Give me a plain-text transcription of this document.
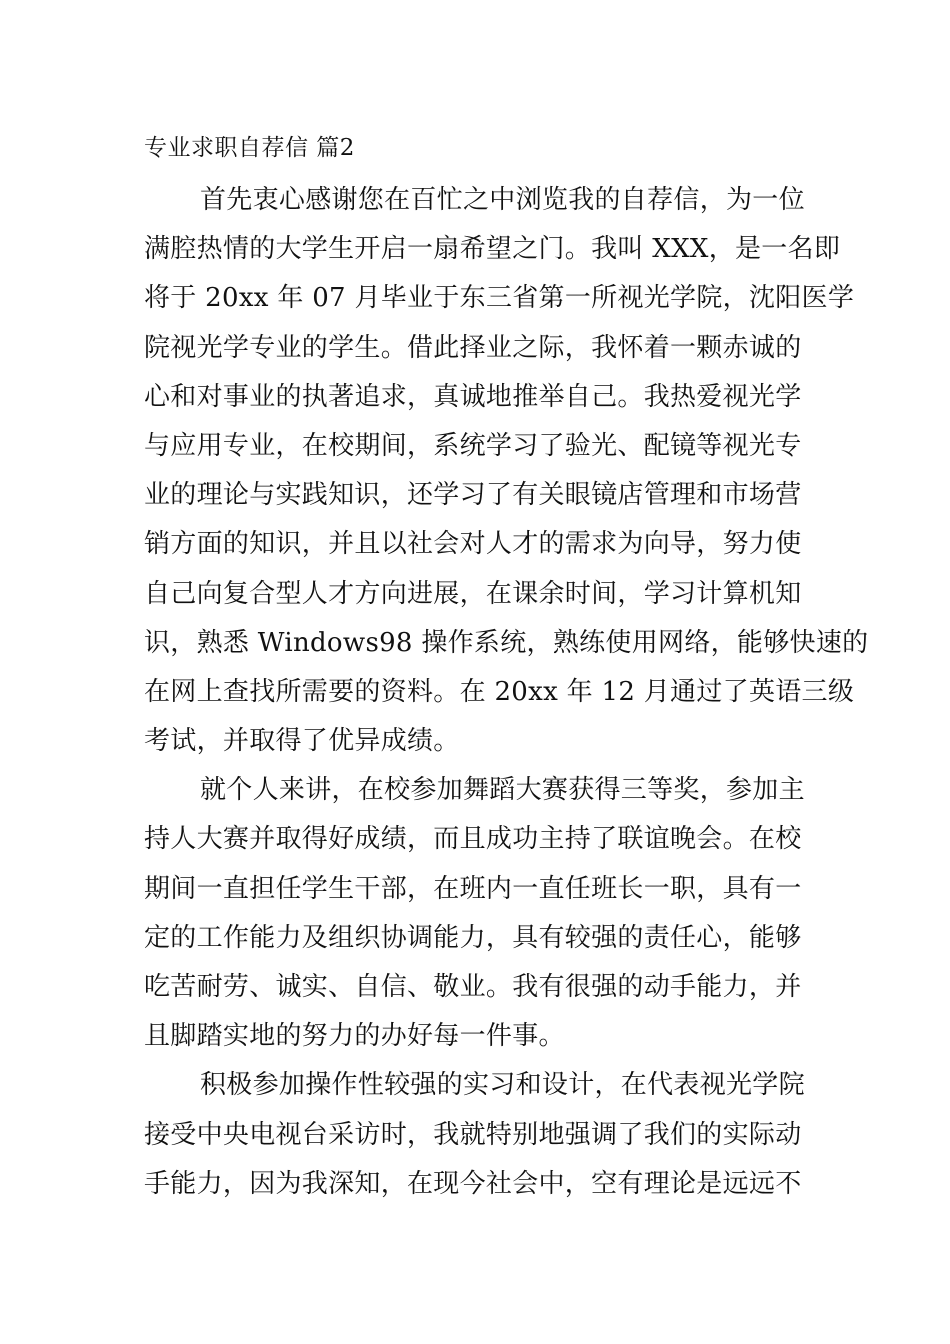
专业求职自荐信 篇2

首先衷心感谢您在百忙之中浏览我的自荐信，为一位
满腔热情的大学生开启一扇希望之门。我叫 XXX，是一名即
将于 20xx 年 07 月毕业于东三省第一所视光学院，沈阳医学
院视光学专业的学生。借此择业之际，我怀着一颗赤诚的
心和对事业的执著追求，真诚地推举自己。我热爱视光学
与应用专业，在校期间，系统学习了验光、配镜等视光专
业的理论与实践知识，还学习了有关眼镜店管理和市场营
销方面的知识，并且以社会对人才的需求为向导，努力使
自己向复合型人才方向进展，在课余时间，学习计算机知
识，熟悉 Windows98 操作系统，熟练使用网络，能够快速的
在网上查找所需要的资料。在 20xx 年 12 月通过了英语三级
考试，并取得了优异成绩。

就个人来讲，在校参加舞蹈大赛获得三等奖，参加主
持人大赛并取得好成绩，而且成功主持了联谊晚会。在校
期间一直担任学生干部，在班内一直任班长一职，具有一
定的工作能力及组织协调能力，具有较强的责任心，能够
吃苦耐劳、诚实、自信、敬业。我有很强的动手能力，并
且脚踏实地的努力的办好每一件事。

积极参加操作性较强的实习和设计，在代表视光学院
接受中央电视台采访时，我就特别地强调了我们的实际动
手能力，因为我深知，在现今社会中，空有理论是远远不
